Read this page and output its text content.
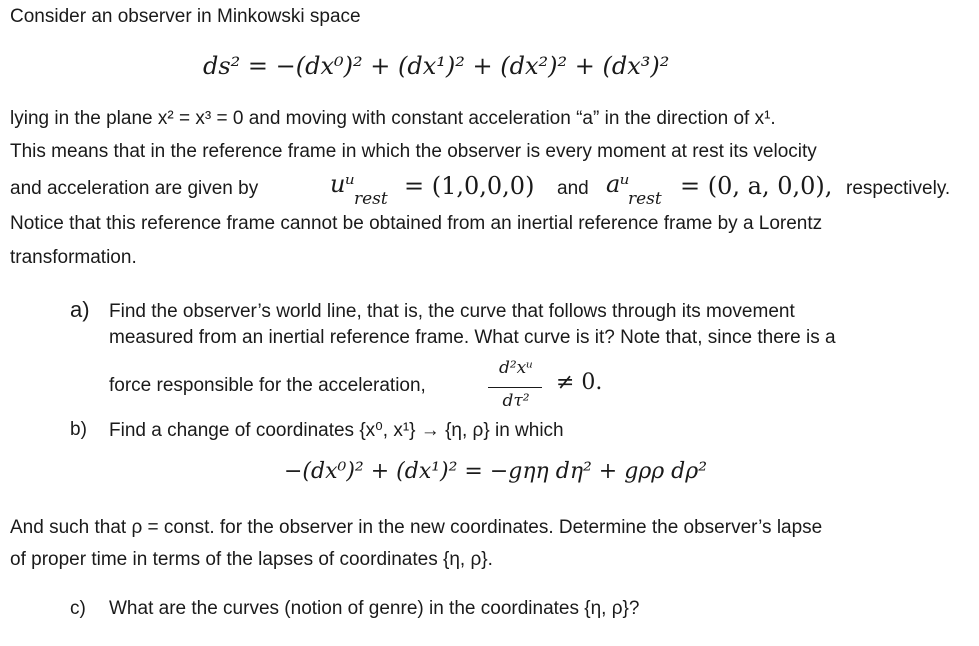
Consider an observer in Minkowski space
ds² = −(dx⁰)² + (dx¹)² + (dx²)² + (dx³)²
lying in the plane x² = x³ = 0 and moving with constant acceleration “a” in the direction of x¹.
This means that in the reference frame in which the observer is every moment at rest its velocity
and acceleration are given by	uᵘ
rest = (1,0,0,0) and aᵘ
rest = (0, a, 0,0), respectively.
Notice that this reference frame cannot be obtained from an inertial reference frame by a Lorentz
transformation.
a) Find the observer’s world line, that is, the curve that follows through its movement
measured from an inertial reference frame. What curve is it? Note that, since there is a
force responsible for the acceleration,
d²xᵘ
dτ²
≠ 0.
b) Find a change of coordinates {x⁰, x¹} → {η, ρ} in which
−(dx⁰)² + (dx¹)² = −gηη dη² + gρρ dρ²
And such that ρ = const. for the observer in the new coordinates. Determine the observer’s lapse
of proper time in terms of the lapses of coordinates {η, ρ}.
c) What are the curves (notion of genre) in the coordinates {η, ρ}?
